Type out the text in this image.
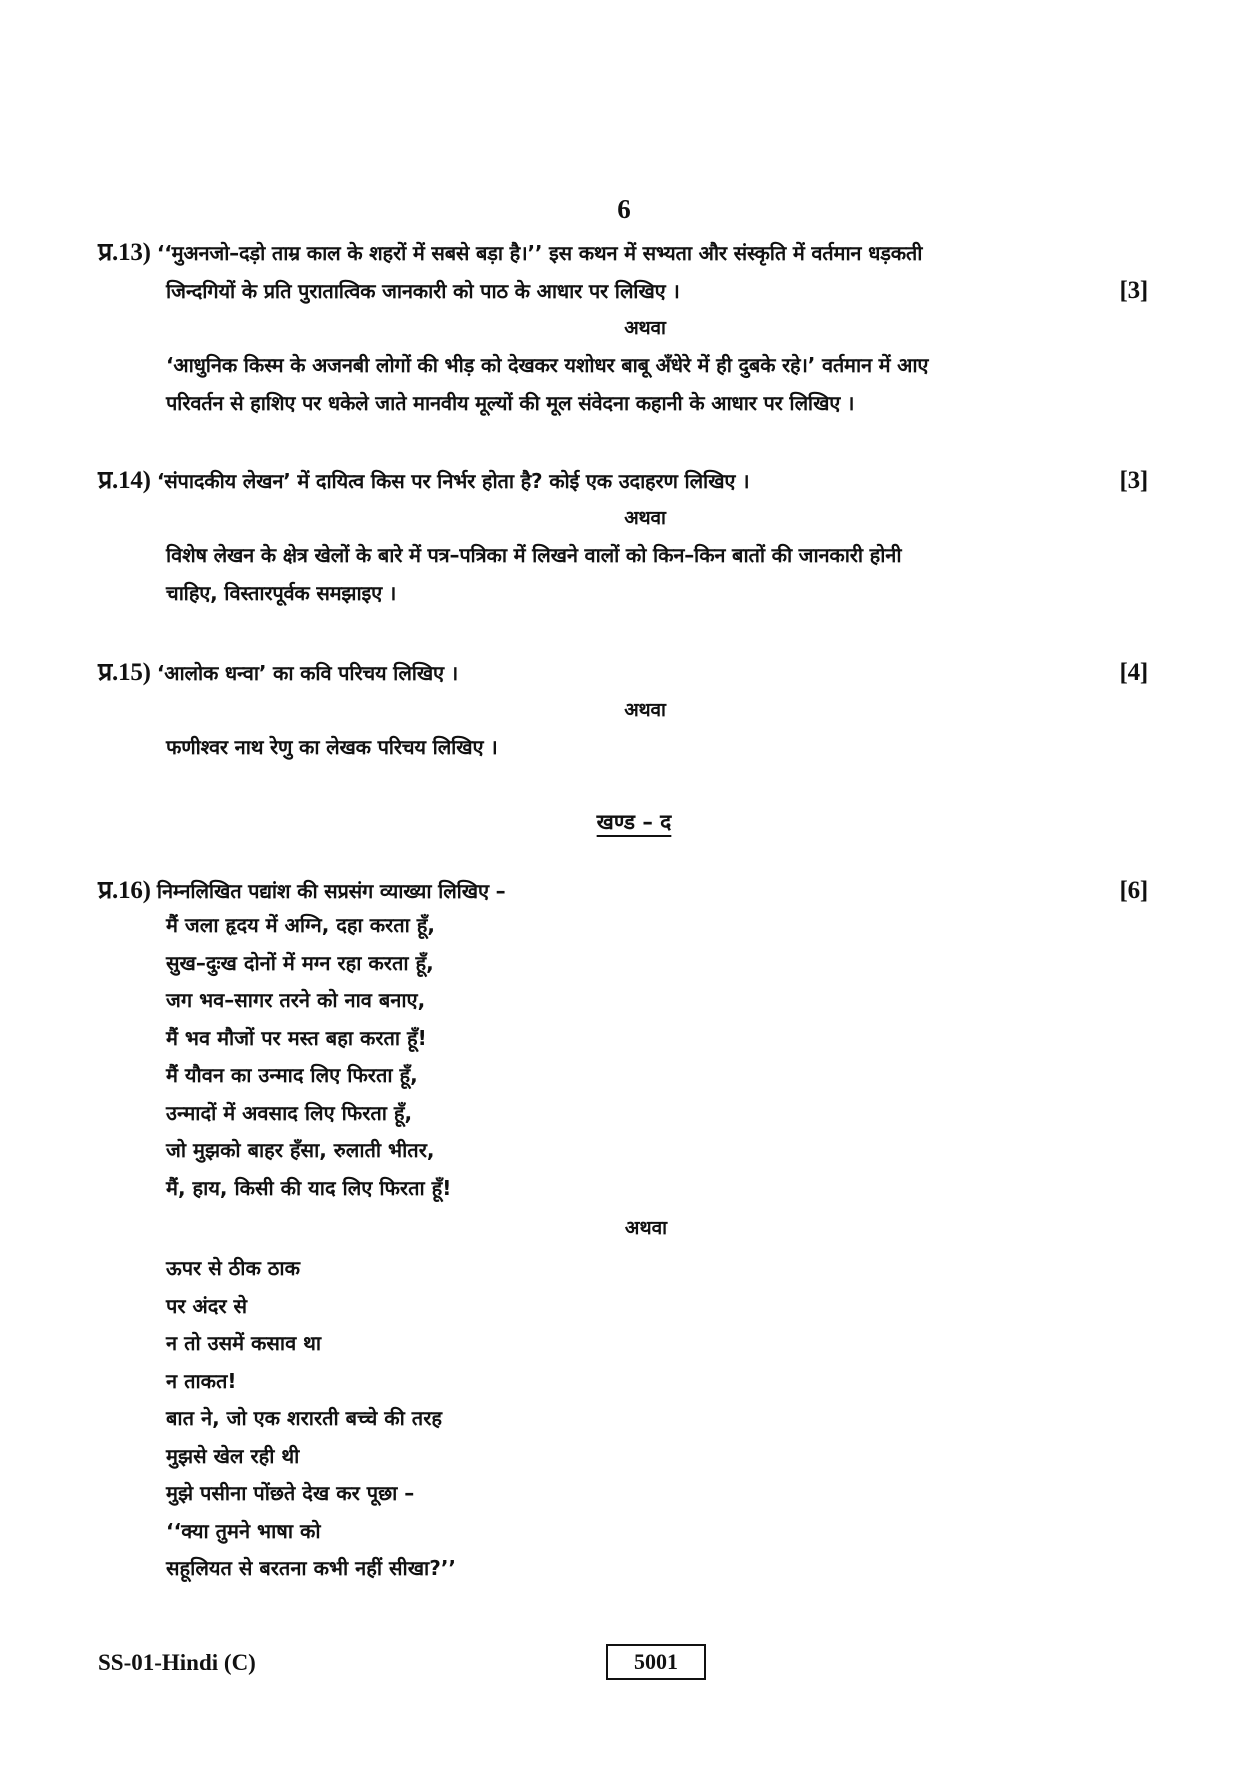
6
प्र.13) ‘‘मुअनजो–दड़ो ताम्र काल के शहरों में सबसे बड़ा है।’’ इस कथन में सभ्यता और संस्कृति में वर्तमान धड़कती
जिन्दगियों के प्रति पुरातात्विक जानकारी को पाठ के आधार पर लिखिए ।	[3]
अथवा
‘आधुनिक किस्म के अजनबी लोगों की भीड़ को देखकर यशोधर बाबू अँधेरे में ही दुबके रहे।’ वर्तमान में आए
परिवर्तन से हाशिए पर धकेले जाते मानवीय मूल्यों की मूल संवेदना कहानी के आधार पर लिखिए ।
प्र.14) ‘संपादकीय लेखन’ में दायित्व किस पर निर्भर होता है? कोई एक उदाहरण लिखिए ।	[3]
अथवा
विशेष लेखन के क्षेत्र खेलों के बारे में पत्र–पत्रिका में लिखने वालों को किन–किन बातों की जानकारी होनी
चाहिए, विस्तारपूर्वक समझाइए ।
प्र.15) ‘आलोक धन्वा’ का कवि परिचय लिखिए ।	[4]
अथवा
फणीश्वर नाथ रेणु का लेखक परिचय लिखिए ।
खण्ड – द
प्र.16) निम्नलिखित पद्यांश की सप्रसंग व्याख्या लिखिए –	[6]
मैं जला हृदय में अग्नि, दहा करता हूँ,
सुख–दुःख दोनों में मग्न रहा करता हूँ,
जग भव–सागर तरने को नाव बनाए,
मैं भव मौजों पर मस्त बहा करता हूँ!
मैं यौवन का उन्माद लिए फिरता हूँ,
उन्मादों में अवसाद लिए फिरता हूँ,
जो मुझको बाहर हँसा, रुलाती भीतर,
मैं, हाय, किसी की याद लिए फिरता हूँ!
अथवा
ऊपर से ठीक ठाक
पर अंदर से
न तो उसमें कसाव था
न ताकत!
बात ने, जो एक शरारती बच्चे की तरह
मुझसे खेल रही थी
मुझे पसीना पोंछते देख कर पूछा –
‘‘क्या तुमने भाषा को
सहूलियत से बरतना कभी नहीं सीखा?’’
SS-01-Hindi (C)	5001
